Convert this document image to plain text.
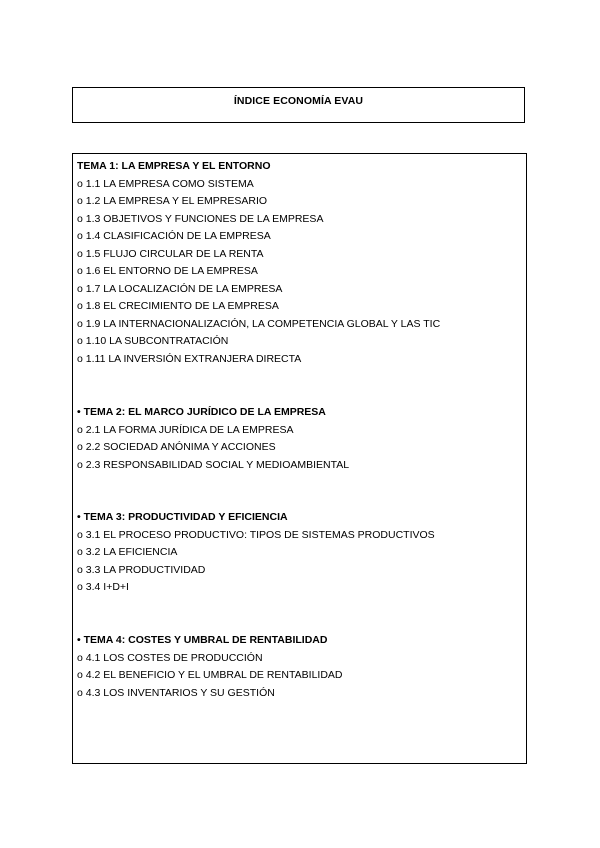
ÍNDICE ECONOMÍA EVAU
TEMA 1: LA EMPRESA Y EL ENTORNO
o 1.1 LA EMPRESA COMO SISTEMA
o 1.2 LA EMPRESA Y EL EMPRESARIO
o 1.3 OBJETIVOS Y FUNCIONES DE LA EMPRESA
o 1.4 CLASIFICACIÓN DE LA EMPRESA
o 1.5 FLUJO CIRCULAR DE LA RENTA
o 1.6 EL ENTORNO DE LA EMPRESA
o 1.7 LA LOCALIZACIÓN DE LA EMPRESA
o 1.8 EL CRECIMIENTO DE LA EMPRESA
o 1.9 LA INTERNACIONALIZACIÓN, LA COMPETENCIA GLOBAL Y LAS TIC
o 1.10 LA SUBCONTRATACIÓN
o 1.11 LA INVERSIÓN EXTRANJERA DIRECTA
• TEMA 2: EL MARCO JURÍDICO DE LA EMPRESA
o 2.1 LA FORMA JURÍDICA DE LA EMPRESA
o 2.2 SOCIEDAD ANÓNIMA Y ACCIONES
o 2.3 RESPONSABILIDAD SOCIAL Y MEDIOAMBIENTAL
• TEMA 3: PRODUCTIVIDAD Y EFICIENCIA
o 3.1 EL PROCESO PRODUCTIVO: TIPOS DE SISTEMAS PRODUCTIVOS
o 3.2 LA EFICIENCIA
o 3.3 LA PRODUCTIVIDAD
o 3.4 I+D+I
• TEMA 4: COSTES Y UMBRAL DE RENTABILIDAD
o 4.1 LOS COSTES DE PRODUCCIÓN
o 4.2 EL BENEFICIO Y EL UMBRAL DE RENTABILIDAD
o 4.3 LOS INVENTARIOS Y SU GESTIÓN
